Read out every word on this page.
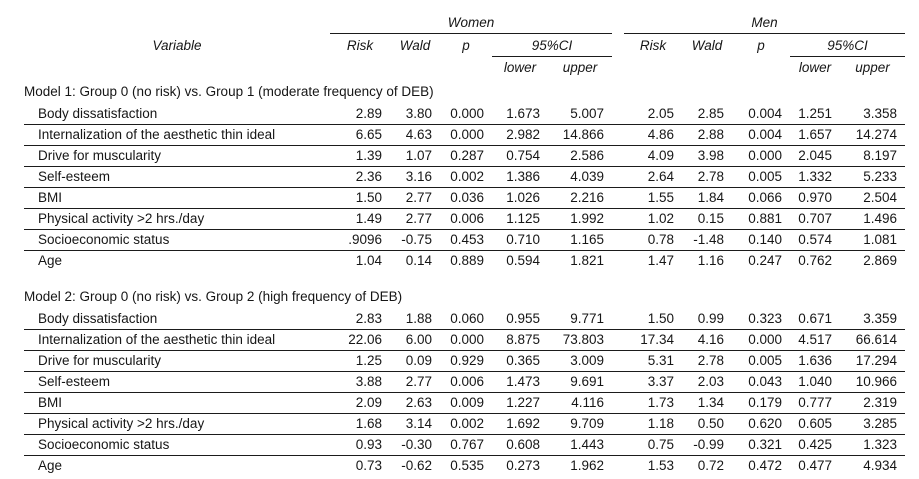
	Women						Men				
Variable	Risk	Wald	p	95%CI			Risk	Wald	p	95%CI	
				lower	upper					lower	upper
Model 1: Group 0 (no risk) vs. Group 1 (moderate frequency of DEB)											
Body dissatisfaction	2.89	3.80	0.000	1.673	5.007		2.05	2.85	0.004	1.251	3.358
Internalization of the aesthetic thin ideal	6.65	4.63	0.000	2.982	14.866		4.86	2.88	0.004	1.657	14.274
Drive for muscularity	1.39	1.07	0.287	0.754	2.586		4.09	3.98	0.000	2.045	8.197
Self-esteem	2.36	3.16	0.002	1.386	4.039		2.64	2.78	0.005	1.332	5.233
BMI	1.50	2.77	0.036	1.026	2.216		1.55	1.84	0.066	0.970	2.504
Physical activity >2 hrs./day	1.49	2.77	0.006	1.125	1.992		1.02	0.15	0.881	0.707	1.496
Socioeconomic status	.9096	-0.75	0.453	0.710	1.165		0.78	-1.48	0.140	0.574	1.081
Age	1.04	0.14	0.889	0.594	1.821		1.47	1.16	0.247	0.762	2.869
Model 2: Group 0 (no risk) vs. Group 2 (high frequency of DEB)											
Body dissatisfaction	2.83	1.88	0.060	0.955	9.771		1.50	0.99	0.323	0.671	3.359
Internalization of the aesthetic thin ideal	22.06	6.00	0.000	8.875	73.803		17.34	4.16	0.000	4.517	66.614
Drive for muscularity	1.25	0.09	0.929	0.365	3.009		5.31	2.78	0.005	1.636	17.294
Self-esteem	3.88	2.77	0.006	1.473	9.691		3.37	2.03	0.043	1.040	10.966
BMI	2.09	2.63	0.009	1.227	4.116		1.73	1.34	0.179	0.777	2.319
Physical activity >2 hrs./day	1.68	3.14	0.002	1.692	9.709		1.18	0.50	0.620	0.605	3.285
Socioeconomic status	0.93	-0.30	0.767	0.608	1.443		0.75	-0.99	0.321	0.425	1.323
Age	0.73	-0.62	0.535	0.273	1.962		1.53	0.72	0.472	0.477	4.934
